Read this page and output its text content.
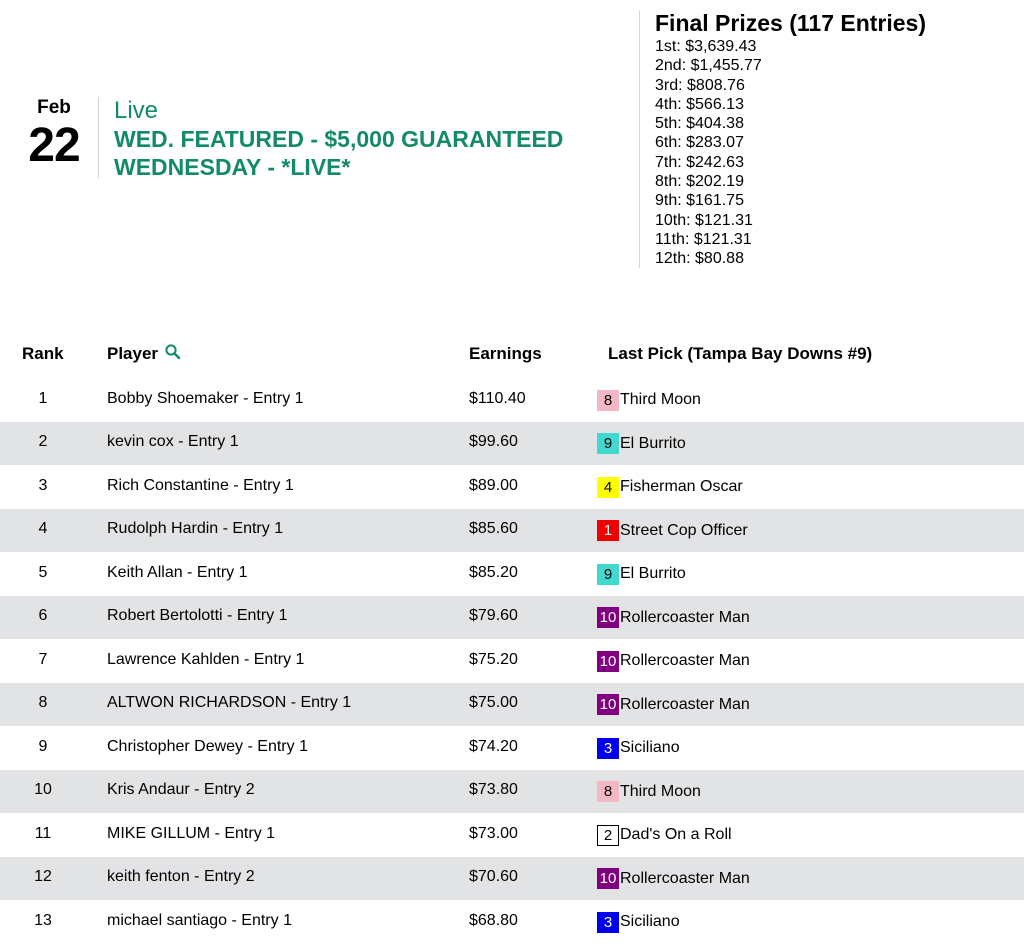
Feb
22
Live
WED. FEATURED - $5,000 GUARANTEED WEDNESDAY - *LIVE*
Final Prizes (117 Entries)
1st: $3,639.43
2nd: $1,455.77
3rd: $808.76
4th: $566.13
5th: $404.38
6th: $283.07
7th: $242.63
8th: $202.19
9th: $161.75
10th: $121.31
11th: $121.31
12th: $80.88
Rank	Player	Earnings	Last Pick (Tampa Bay Downs #9)
1	Bobby Shoemaker - Entry 1	$110.40	8 Third Moon
2	kevin cox - Entry 1	$99.60	9 El Burrito
3	Rich Constantine - Entry 1	$89.00	4 Fisherman Oscar
4	Rudolph Hardin - Entry 1	$85.60	1 Street Cop Officer
5	Keith Allan - Entry 1	$85.20	9 El Burrito
6	Robert Bertolotti - Entry 1	$79.60	10 Rollercoaster Man
7	Lawrence Kahlden - Entry 1	$75.20	10 Rollercoaster Man
8	ALTWON RICHARDSON - Entry 1	$75.00	10 Rollercoaster Man
9	Christopher Dewey - Entry 1	$74.20	3 Siciliano
10	Kris Andaur - Entry 2	$73.80	8 Third Moon
11	MIKE GILLUM - Entry 1	$73.00	2 Dad's On a Roll
12	keith fenton - Entry 2	$70.60	10 Rollercoaster Man
13	michael santiago - Entry 1	$68.80	3 Siciliano
